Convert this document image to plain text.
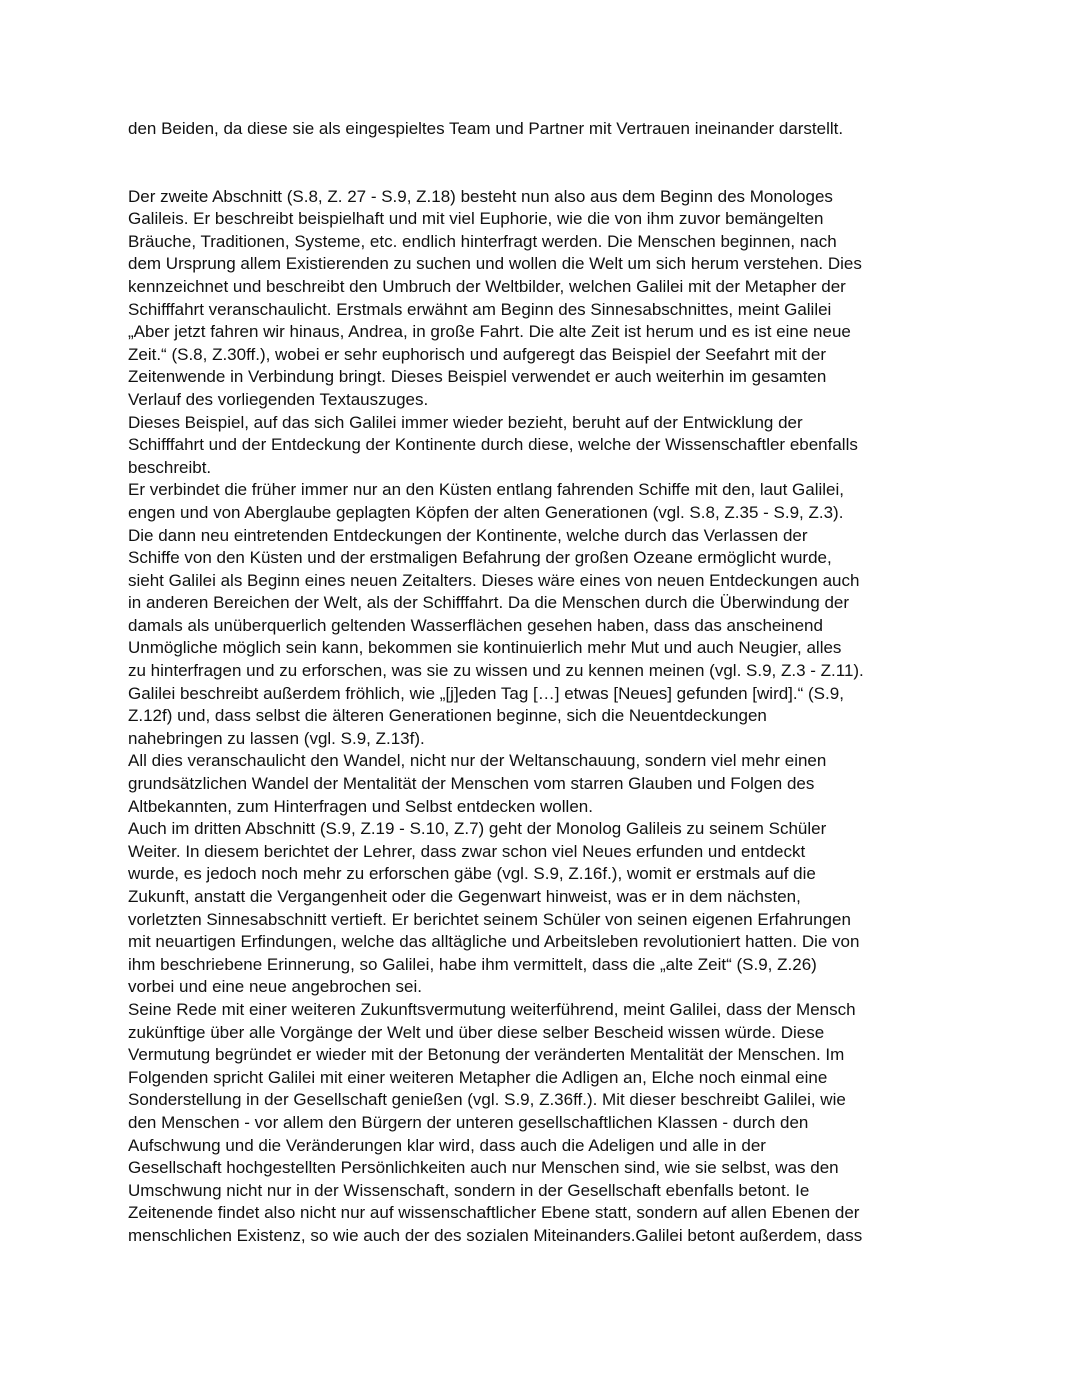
den Beiden, da diese sie als eingespieltes Team und Partner mit Vertrauen ineinander darstellt.
Der zweite Abschnitt (S.8, Z. 27 - S.9, Z.18) besteht nun also aus dem Beginn des Monologes
Galileis. Er beschreibt beispielhaft und mit viel Euphorie, wie die von ihm zuvor bemängelten
Bräuche, Traditionen, Systeme, etc. endlich hinterfragt werden. Die Menschen beginnen, nach
dem Ursprung allem Existierenden zu suchen und wollen die Welt um sich herum verstehen. Dies
kennzeichnet und beschreibt den Umbruch der Weltbilder, welchen Galilei mit der Metapher der
Schifffahrt veranschaulicht. Erstmals erwähnt am Beginn des Sinnesabschnittes, meint Galilei
„Aber jetzt fahren wir hinaus, Andrea, in große Fahrt. Die alte Zeit ist herum und es ist eine neue
Zeit.“ (S.8, Z.30ff.), wobei er sehr euphorisch und aufgeregt das Beispiel der Seefahrt mit der
Zeitenwende in Verbindung bringt. Dieses Beispiel verwendet er auch weiterhin im gesamten
Verlauf des vorliegenden Textauszuges.
Dieses Beispiel, auf das sich Galilei immer wieder bezieht, beruht auf der Entwicklung der
Schifffahrt und der Entdeckung der Kontinente durch diese, welche der Wissenschaftler ebenfalls
beschreibt.
Er verbindet die früher immer nur an den Küsten entlang fahrenden Schiffe mit den, laut Galilei,
engen und von Aberglaube geplagten Köpfen der alten Generationen (vgl. S.8, Z.35 - S.9, Z.3).
Die dann neu eintretenden Entdeckungen der Kontinente, welche durch das Verlassen der
Schiffe von den Küsten und der erstmaligen Befahrung der großen Ozeane ermöglicht wurde,
sieht Galilei als Beginn eines neuen Zeitalters. Dieses wäre eines von neuen Entdeckungen auch
in anderen Bereichen der Welt, als der Schifffahrt. Da die Menschen durch die Überwindung der
damals als unüberquerlich geltenden Wasserflächen gesehen haben, dass das anscheinend
Unmögliche möglich sein kann, bekommen sie kontinuierlich mehr Mut und auch Neugier, alles
zu hinterfragen und zu erforschen, was sie zu wissen und zu kennen meinen (vgl. S.9, Z.3 - Z.11).
Galilei beschreibt außerdem fröhlich, wie „[j]eden Tag […] etwas [Neues] gefunden [wird].“ (S.9,
Z.12f) und, dass selbst die älteren Generationen beginne, sich die Neuentdeckungen
nahebringen zu lassen (vgl. S.9, Z.13f).
All dies veranschaulicht den Wandel, nicht nur der Weltanschauung, sondern viel mehr einen
grundsätzlichen Wandel der Mentalität der Menschen vom starren Glauben und Folgen des
Altbekannten, zum Hinterfragen und Selbst entdecken wollen.
Auch im dritten Abschnitt (S.9, Z.19 - S.10, Z.7) geht der Monolog Galileis zu seinem Schüler
Weiter. In diesem berichtet der Lehrer, dass zwar schon viel Neues erfunden und entdeckt
wurde, es jedoch noch mehr zu erforschen gäbe (vgl. S.9, Z.16f.), womit er erstmals auf die
Zukunft, anstatt die Vergangenheit oder die Gegenwart hinweist, was er in dem nächsten,
vorletzten Sinnesabschnitt vertieft. Er berichtet seinem Schüler von seinen eigenen Erfahrungen
mit neuartigen Erfindungen, welche das alltägliche und Arbeitsleben revolutioniert hatten. Die von
ihm beschriebene Erinnerung, so Galilei, habe ihm vermittelt, dass die „alte Zeit“ (S.9, Z.26)
vorbei und eine neue angebrochen sei.
Seine Rede mit einer weiteren Zukunftsvermutung weiterführend, meint Galilei, dass der Mensch
zukünftige über alle Vorgänge der Welt und über diese selber Bescheid wissen würde. Diese
Vermutung begründet er wieder mit der Betonung der veränderten Mentalität der Menschen. Im
Folgenden spricht Galilei mit einer weiteren Metapher die Adligen an, Elche noch einmal eine
Sonderstellung in der Gesellschaft genießen (vgl. S.9, Z.36ff.). Mit dieser beschreibt Galilei, wie
den Menschen - vor allem den Bürgern der unteren gesellschaftlichen Klassen - durch den
Aufschwung und die Veränderungen klar wird, dass auch die Adeligen und alle in der
Gesellschaft hochgestellten Persönlichkeiten auch nur Menschen sind, wie sie selbst, was den
Umschwung nicht nur in der Wissenschaft, sondern in der Gesellschaft ebenfalls betont. Ie
Zeitenende findet also nicht nur auf wissenschaftlicher Ebene statt, sondern auf allen Ebenen der
menschlichen Existenz, so wie auch der des sozialen Miteinanders.Galilei betont außerdem, dass
